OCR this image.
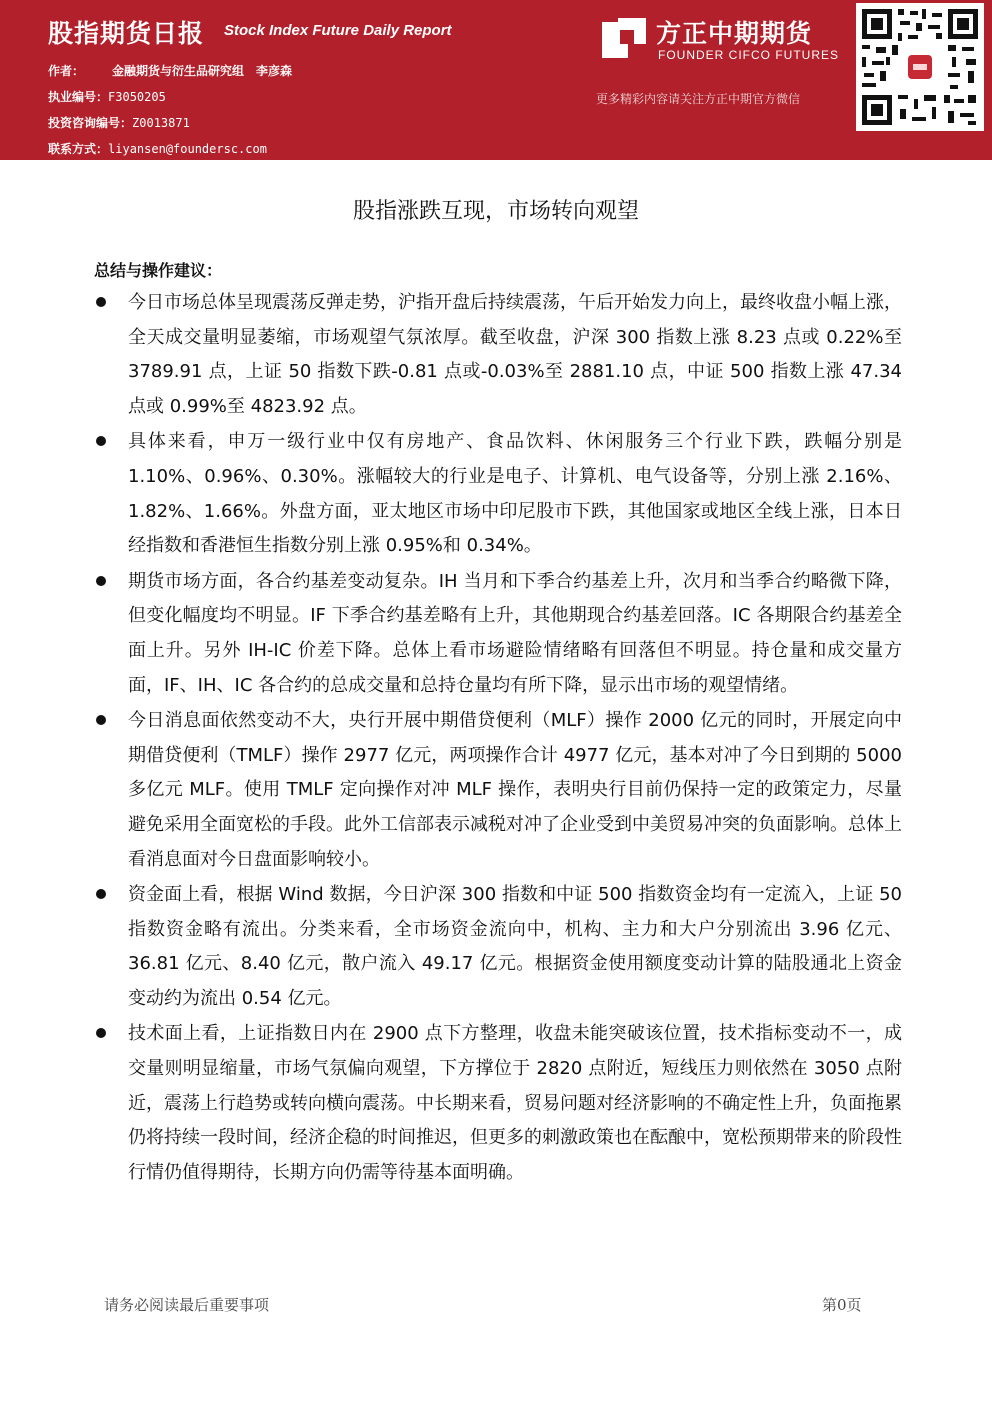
股指期货日报 Stock Index Future Daily Report
作者： 金融期货与衍生品研究组　李彦森
执业编号：F3050205
投资咨询编号：Z0013871
联系方式：liyansen@foundersc.com
方正中期期货
FOUNDER CIFCO FUTURES
更多精彩内容请关注方正中期官方微信
股指涨跌互现，市场转向观望
总结与操作建议：
今日市场总体呈现震荡反弹走势，沪指开盘后持续震荡，午后开始发力向上，最终收盘小幅上涨，全天成交量明显萎缩，市场观望气氛浓厚。截至收盘，沪深 300 指数上涨 8.23 点或 0.22%至 3789.91 点，上证 50 指数下跌-0.81 点或-0.03%至 2881.10 点，中证 500 指数上涨 47.34 点或 0.99%至 4823.92 点。
具体来看，申万一级行业中仅有房地产、食品饮料、休闲服务三个行业下跌，跌幅分别是 1.10%、0.96%、0.30%。涨幅较大的行业是电子、计算机、电气设备等，分别上涨 2.16%、1.82%、1.66%。外盘方面，亚太地区市场中印尼股市下跌，其他国家或地区全线上涨，日本日经指数和香港恒生指数分别上涨 0.95%和 0.34%。
期货市场方面，各合约基差变动复杂。IH 当月和下季合约基差上升，次月和当季合约略微下降，但变化幅度均不明显。IF 下季合约基差略有上升，其他期现合约基差回落。IC 各期限合约基差全面上升。另外 IH-IC 价差下降。总体上看市场避险情绪略有回落但不明显。持仓量和成交量方面，IF、IH、IC 各合约的总成交量和总持仓量均有所下降，显示出市场的观望情绪。
今日消息面依然变动不大，央行开展中期借贷便利（MLF）操作 2000 亿元的同时，开展定向中期借贷便利（TMLF）操作 2977 亿元，两项操作合计 4977 亿元，基本对冲了今日到期的 5000 多亿元 MLF。使用 TMLF 定向操作对冲 MLF 操作，表明央行目前仍保持一定的政策定力，尽量避免采用全面宽松的手段。此外工信部表示减税对冲了企业受到中美贸易冲突的负面影响。总体上看消息面对今日盘面影响较小。
资金面上看，根据 Wind 数据，今日沪深 300 指数和中证 500 指数资金均有一定流入，上证 50 指数资金略有流出。分类来看，全市场资金流向中，机构、主力和大户分别流出 3.96 亿元、36.81 亿元、8.40 亿元，散户流入 49.17 亿元。根据资金使用额度变动计算的陆股通北上资金变动约为流出 0.54 亿元。
技术面上看，上证指数日内在 2900 点下方整理，收盘未能突破该位置，技术指标变动不一，成交量则明显缩量，市场气氛偏向观望，下方撑位于 2820 点附近，短线压力则依然在 3050 点附近，震荡上行趋势或转向横向震荡。中长期来看，贸易问题对经济影响的不确定性上升，负面拖累仍将持续一段时间，经济企稳的时间推迟，但更多的刺激政策也在酝酿中，宽松预期带来的阶段性行情仍值得期待，长期方向仍需等待基本面明确。
请务必阅读最后重要事项	第0页
